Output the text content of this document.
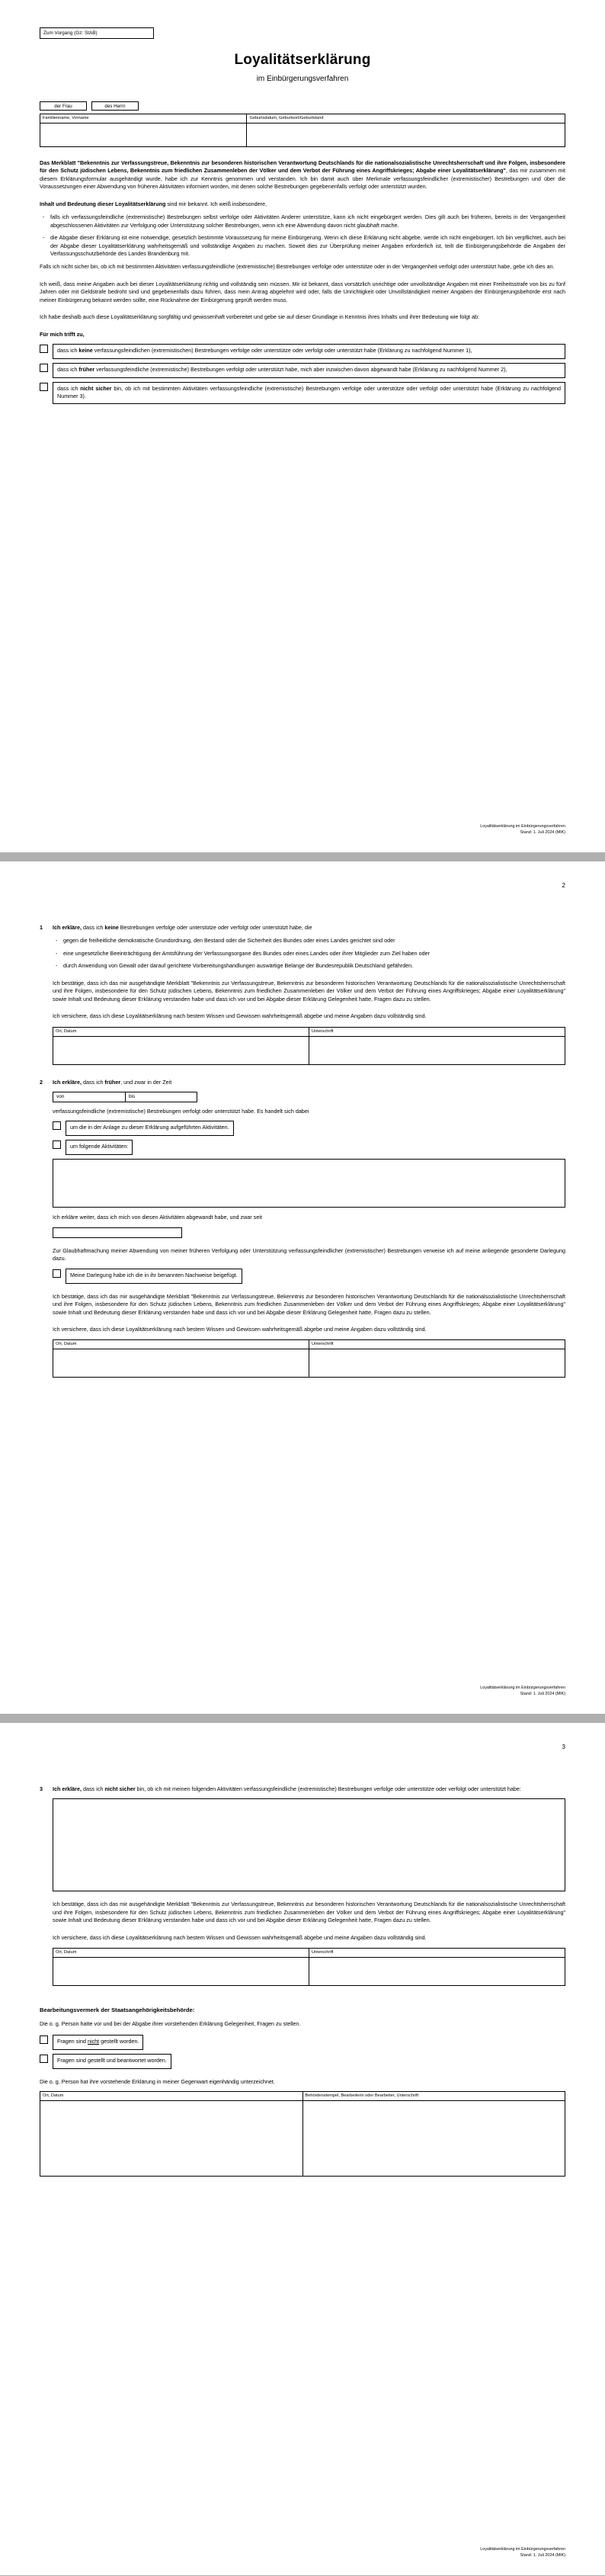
Zum Vorgang (Gz: StAB)
Loyalitätserklärung
im Einbürgerungsverfahren
der Frau	des Herrn
Familienname, Vorname	Geburtsdatum, Geburtsort/Geburtsland

Das Merkblatt "Bekenntnis zur Verfassungstreue, Bekenntnis zur besonderen historischen Verantwortung Deutschlands für die nationalsozialistische Unrechtsherrschaft und ihre Folgen, insbesondere für den Schutz jüdischen Lebens, Bekenntnis zum friedlichen Zusammenleben der Völker und dem Verbot der Führung eines Angriffskrieges; Abgabe einer Loyalitätserklärung", das mir zusammen mit diesem Erklärungsformular ausgehändigt wurde, habe ich zur Kenntnis genommen und verstanden. Ich bin damit auch über Merkmale verfassungsfeindlicher (extremistischer) Bestrebungen und über die Voraussetzungen einer Abwendung von früheren Aktivitäten informiert worden, mit denen solche Bestrebungen gegebenenfalls verfolgt oder unterstützt wurden.

Inhalt und Bedeutung dieser Loyalitätserklärung sind mir bekannt. Ich weiß insbesondere,

- falls ich verfassungsfeindliche (extremistische) Bestrebungen selbst verfolge oder Aktivitäten Anderer unterstütze, kann ich nicht eingebürgert werden. Dies gilt auch bei früheren, bereits in der Vergangenheit abgeschlossenen Aktivitäten zur Verfolgung oder Unterstützung solcher Bestrebungen, wenn ich eine Abwendung davon nicht glaubhaft mache.
- die Abgabe dieser Erklärung ist eine notwendige, gesetzlich bestimmte Voraussetzung für meine Einbürgerung. Wenn ich diese Erklärung nicht abgebe, werde ich nicht eingebürgert. Ich bin verpflichtet, auch bei der Abgabe dieser Loyalitätserklärung wahrheitsgemäß und vollständige Angaben zu machen. Soweit dies zur Überprüfung meiner Angaben erforderlich ist, teilt die Einbürgerungsbehörde die Angaben der Verfassungsschutzbehörde des Landes Brandenburg mit.

Falls ich nicht sicher bin, ob ich mit bestimmten Aktivitäten verfassungsfeindliche (extremistische) Bestrebungen verfolge oder unterstütze oder in der Vergangenheit verfolgt oder unterstützt habe, gebe ich dies an.

Ich weiß, dass meine Angaben auch bei dieser Loyalitätserklärung richtig und vollständig sein müssen. Mir ist bekannt, dass vorsätzlich unrichtige oder unvollständige Angaben mit einer Freiheitsstrafe von bis zu fünf Jahren oder mit Geldstrafe bedroht sind und gegebenenfalls dazu führen, dass mein Antrag abgelehnt wird oder, falls die Unrichtigkeit oder Unvollständigkeit meiner Angaben der Einbürgerungsbehörde erst nach meiner Einbürgerung bekannt werden sollte, eine Rücknahme der Einbürgerung geprüft werden muss.

Ich habe deshalb auch diese Loyalitätserklärung sorgfältig und gewissenhaft vorbereitet und gebe sie auf dieser Grundlage in Kenntnis ihres Inhalts und ihrer Bedeutung wie folgt ab:

Für mich trifft zu,

dass ich keine verfassungsfeindlichen (extremistischen) Bestrebungen verfolge oder unterstütze oder verfolgt oder unterstützt habe (Erklärung zu nachfolgend Nummer 1),
dass ich früher verfassungsfeindliche (extremistische) Bestrebungen verfolgt oder unterstützt habe, mich aber inzwischen davon abgewandt habe (Erklärung zu nachfolgend Nummer 2),
dass ich nicht sicher bin, ob ich mit bestimmten Aktivitäten verfassungsfeindliche (extremistische) Bestrebungen verfolge oder unterstütze oder verfolgt oder unterstützt habe (Erklärung zu nachfolgend Nummer 3).
Loyalitätserklärung im Einbürgerungsverfahren
Stand: 1. Juli 2024 (MIK)
2
1	Ich erkläre, dass ich keine Bestrebungen verfolge oder unterstütze oder verfolgt oder unterstützt habe, die

- gegen die freiheitliche demokratische Grundordnung, den Bestand oder die Sicherheit des Bundes oder eines Landes gerichtet sind oder
- eine ungesetzliche Beeinträchtigung der Amtsführung der Verfassungsorgane des Bundes oder eines Landes oder ihrer Mitglieder zum Ziel haben oder
- durch Anwendung von Gewalt oder darauf gerichtete Vorbereitungshandlungen auswärtige Belange der Bundesrepublik Deutschland gefährden.

Ich bestätige, dass ich das mir ausgehändigte Merkblatt "Bekenntnis zur Verfassungstreue, Bekenntnis zur besonderen historischen Verantwortung Deutschlands für die nationalsozialistische Unrechtsherrschaft und ihre Folgen, insbesondere für den Schutz jüdischen Lebens, Bekenntnis zum friedlichen Zusammenleben der Völker und dem Verbot der Führung eines Angriffskrieges; Abgabe einer Loyalitätserklärung" sowie Inhalt und Bedeutung dieser Erklärung verstanden habe und dass ich vor und bei Abgabe dieser Erklärung Gelegenheit hatte, Fragen dazu zu stellen.

Ich versichere, dass ich diese Loyalitätserklärung nach bestem Wissen und Gewissen wahrheitsgemäß abgebe und meine Angaben dazu vollständig sind.

Ort, Datum	Unterschrift

2	Ich erkläre, dass ich früher, und zwar in der Zeit

von	bis

verfassungsfeindliche (extremistische) Bestrebungen verfolgt oder unterstützt habe. Es handelt sich dabei

um die in der Anlage zu dieser Erklärung aufgeführten Aktivitäten.
um folgende Aktivitäten:

Ich erkläre weiter, dass ich mich von diesen Aktivitäten abgewandt habe, und zwar seit

Zur Glaubhaftmachung meiner Abwendung von meiner früheren Verfolgung oder Unterstützung verfassungsfeindlicher (extremistischer) Bestrebungen verweise ich auf meine anliegende gesonderte Darlegung dazu.

Meine Darlegung habe ich die in ihr benannten Nachweise beigefügt.

Ich bestätige, dass ich das mir ausgehändigte Merkblatt "Bekenntnis zur Verfassungstreue, Bekenntnis zur besonderen historischen Verantwortung Deutschlands für die nationalsozialistische Unrechtsherrschaft und ihre Folgen, insbesondere für den Schutz jüdischen Lebens, Bekenntnis zum friedlichen Zusammenleben der Völker und dem Verbot der Führung eines Angriffskrieges; Abgabe einer Loyalitätserklärung" sowie Inhalt und Bedeutung dieser Erklärung verstanden habe und dass ich vor und bei Abgabe dieser Erklärung Gelegenheit hatte, Fragen dazu zu stellen.

Ich versichere, dass ich diese Loyalitätserklärung nach bestem Wissen und Gewissen wahrheitsgemäß abgebe und meine Angaben dazu vollständig sind.

Ort, Datum	Unterschrift

Loyalitätserklärung im Einbürgerungsverfahren
Stand: 1. Juli 2024 (MIK)
3
3	Ich erkläre, dass ich nicht sicher bin, ob ich mit meinen folgenden Aktivitäten verfassungsfeindliche (extremistische) Bestrebungen verfolge oder unterstütze oder verfolgt oder unterstützt habe:

Ich bestätige, dass ich das mir ausgehändigte Merkblatt "Bekenntnis zur Verfassungstreue, Bekenntnis zur besonderen historischen Verantwortung Deutschlands für die nationalsozialistische Unrechtsherrschaft und ihre Folgen, insbesondere für den Schutz jüdischen Lebens, Bekenntnis zum friedlichen Zusammenleben der Völker und dem Verbot der Führung eines Angriffskrieges; Abgabe einer Loyalitätserklärung" sowie Inhalt und Bedeutung dieser Erklärung verstanden habe und dass ich vor und bei Abgabe dieser Erklärung Gelegenheit hatte, Fragen dazu zu stellen.

Ich versichere, dass ich diese Loyalitätserklärung nach bestem Wissen und Gewissen wahrheitsgemäß abgebe und meine Angaben dazu vollständig sind.

Ort, Datum	Unterschrift

Bearbeitungsvermerk der Staatsangehörigkeitsbehörde:

Die o. g. Person hatte vor und bei der Abgabe ihrer vorstehenden Erklärung Gelegenheit, Fragen zu stellen.

Fragen sind nicht gestellt worden.
Fragen sind gestellt und beantwortet worden.

Die o. g. Person hat ihre vorstehende Erklärung in meiner Gegenwart eigenhändig unterzeichnet.

Ort, Datum	Behördenstempel, Bearbeiterin oder Bearbeiter, Unterschrift

Loyalitätserklärung im Einbürgerungsverfahren
Stand: 1. Juli 2024 (MIK)
